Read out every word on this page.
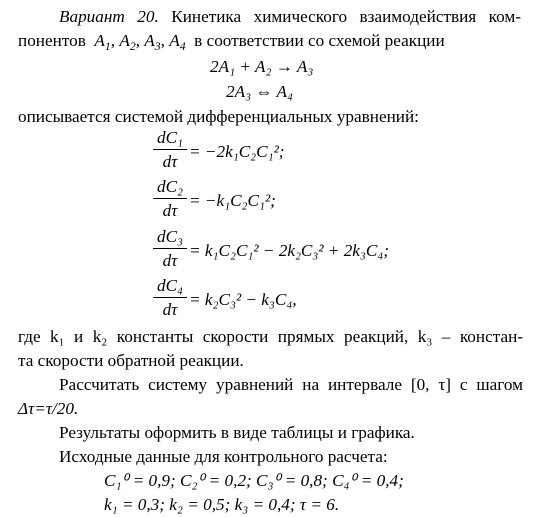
Вариант 20. Кинетика химического взаимодействия ком-
понентов $A_1$, $A_2$, $A_3$, $A_4$ в соответствии со схемой реакции
2A₁ + A₂ → A₃
2A₃ ⇔ A₄
описывается системой дифференциальных уравнений:
dC₁
dτ
= −2k₁C₂C₁²;
dC₂
dτ
= −k₁C₂C₁²;
dC₃
dτ
= k₁C₂C₁² − 2k₂C₃² + 2k₃C₄;
dC₄
dτ
= k₂C₃² − k₃C₄,
где k₁ и k₂ константы скорости прямых реакций, k₃ – констан-
та скорости обратной реакции.
Рассчитать систему уравнений на интервале [0, τ] с шагом
Δτ=τ/20.
Результаты оформить в виде таблицы и графика.
Исходные данные для контрольного расчета:
C₁⁰ = 0,9; C₂⁰ = 0,2; C₃⁰ = 0,8; C₄⁰ = 0,4;
k₁ = 0,3; k₂ = 0,5; k₃ = 0,4; τ = 6.
